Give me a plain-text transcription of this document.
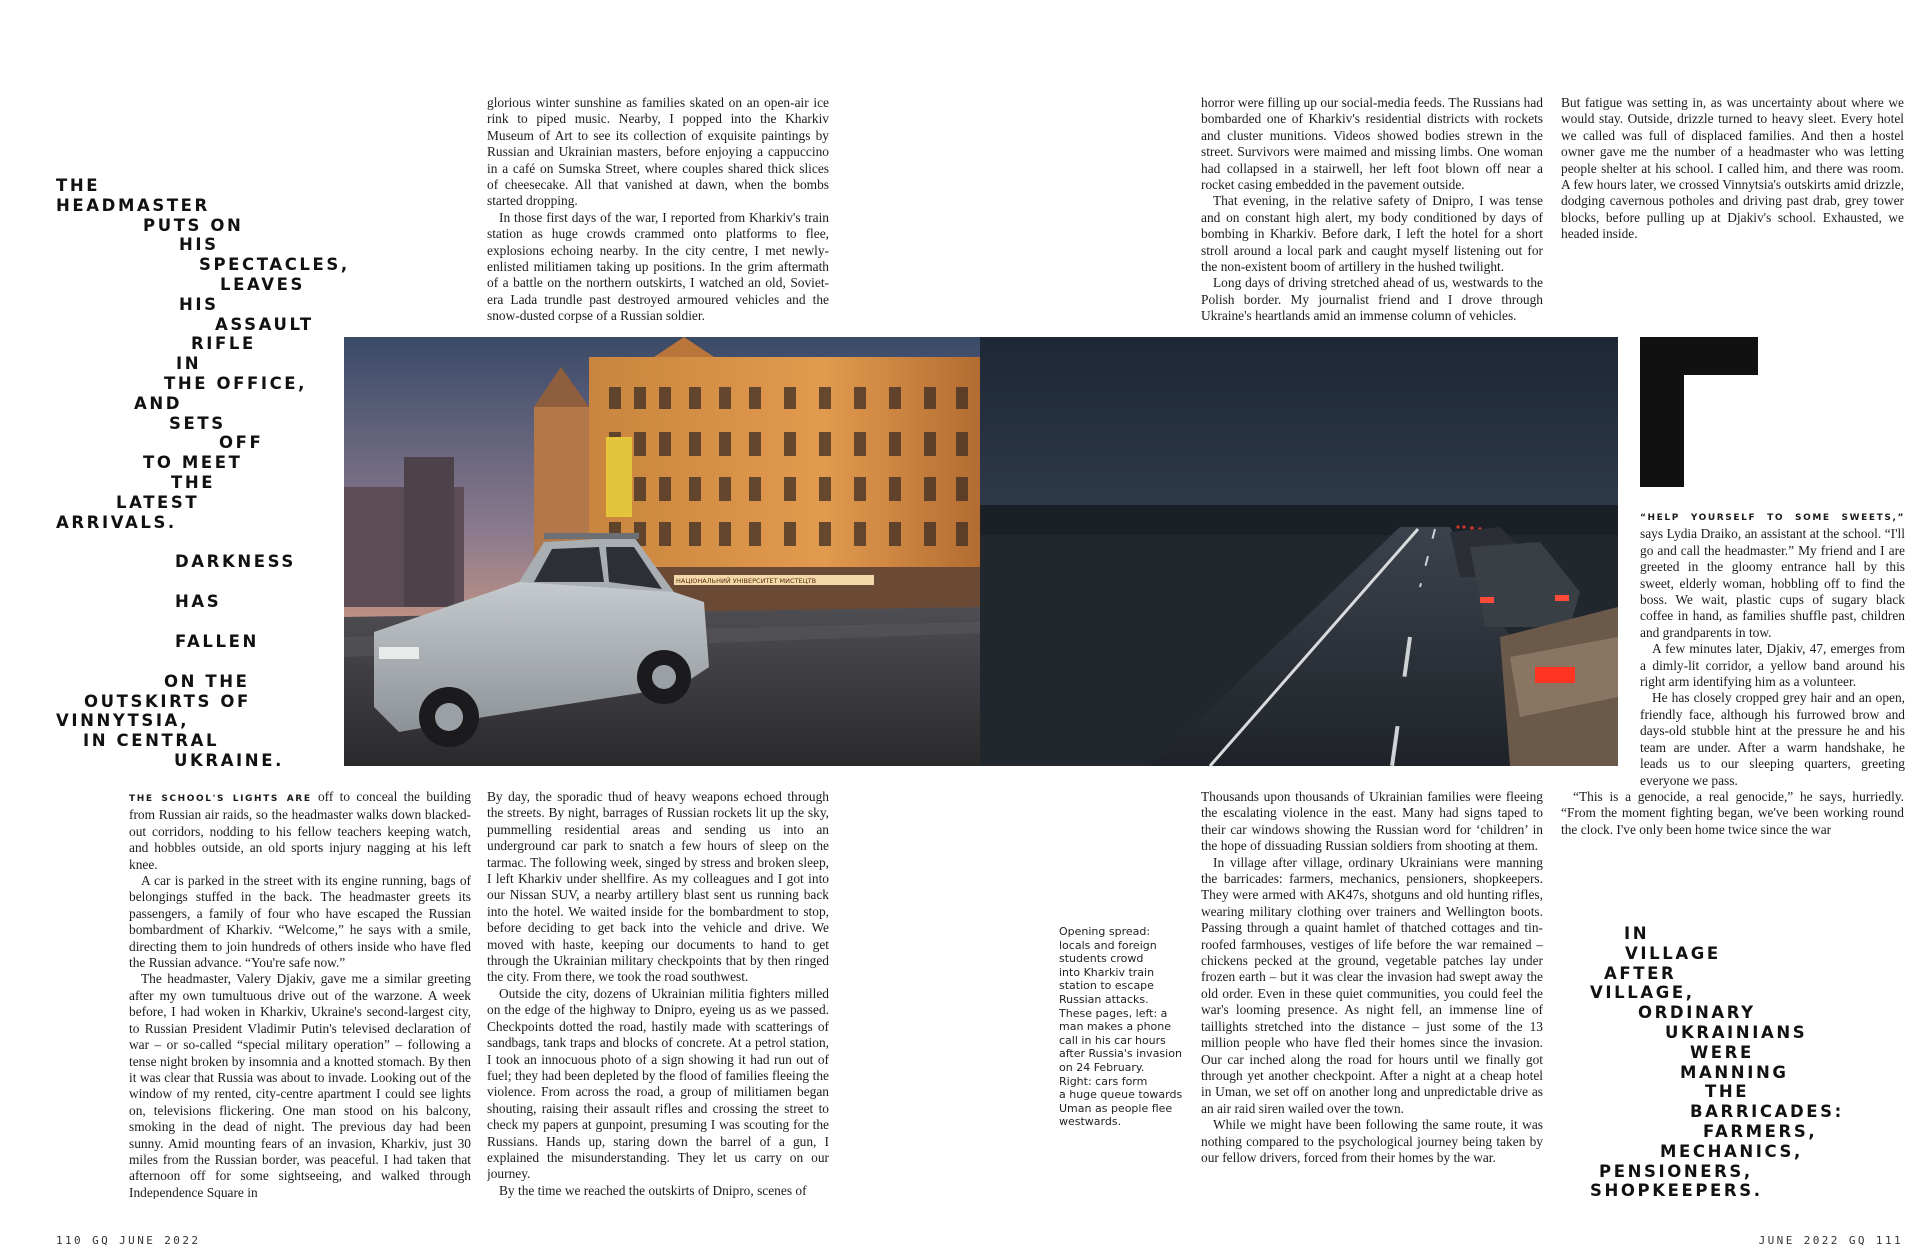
THE
HEADMASTER
PUTS ON
HIS
SPECTACLES,
LEAVES
HIS
ASSAULT
RIFLE
IN
THE OFFICE,
AND
SETS
OFF
TO MEET
THE
LATEST
ARRIVALS.
DARKNESS
HAS
FALLEN
ON THE
OUTSKIRTS OF
VINNYTSIA,
IN CENTRAL
UKRAINE.

glorious winter sunshine as families skated on an open-air ice rink to piped music. Nearby, I popped into the Kharkiv Museum of Art to see its collection of exquisite paintings by Russian and Ukrainian masters, before enjoying a cappuccino in a café on Sumska Street, where couples shared thick slices of cheesecake. All that vanished at dawn, when the bombs started dropping.

In those first days of the war, I reported from Kharkiv's train station as huge crowds crammed onto platforms to flee, explosions echoing nearby. In the city centre, I met newly-enlisted militiamen taking up positions. In the grim aftermath of a battle on the northern outskirts, I watched an old, Soviet-era Lada trundle past destroyed armoured vehicles and the snow-dusted corpse of a Russian soldier.

horror were filling up our social-media feeds. The Russians had bombarded one of Kharkiv's residential districts with rockets and cluster munitions. Videos showed bodies strewn in the street. Survivors were maimed and missing limbs. One woman had collapsed in a stairwell, her left foot blown off near a rocket casing embedded in the pavement outside.

That evening, in the relative safety of Dnipro, I was tense and on constant high alert, my body conditioned by days of bombing in Kharkiv. Before dark, I left the hotel for a short stroll around a local park and caught myself listening out for the non-existent boom of artillery in the hushed twilight.

Long days of driving stretched ahead of us, westwards to the Polish border. My journalist friend and I drove through Ukraine's heartlands amid an immense column of vehicles.

But fatigue was setting in, as was uncertainty about where we would stay. Outside, drizzle turned to heavy sleet. Every hotel we called was full of displaced families. And then a hostel owner gave me the number of a headmaster who was letting people shelter at his school. I called him, and there was room. A few hours later, we crossed Vinnytsia's outskirts amid drizzle, dodging cavernous potholes and driving past drab, grey tower blocks, before pulling up at Djakiv's school. Exhausted, we headed inside.

НАЦІОНАЛЬНИЙ УНІВЕРСИТЕТ МИСТЕЦТВ

“HELP YOURSELF TO SOME SWEETS,” says Lydia Draiko, an assistant at the school. “I'll go and call the headmaster.” My friend and I are greeted in the gloomy entrance hall by this sweet, elderly woman, hobbling off to find the boss. We wait, plastic cups of sugary black coffee in hand, as families shuffle past, children and grandparents in tow.

A few minutes later, Djakiv, 47, emerges from a dimly-lit corridor, a yellow band around his right arm identifying him as a volunteer.

He has closely cropped grey hair and an open, friendly face, although his furrowed brow and days-old stubble hint at the pressure he and his team are under. After a warm handshake, he leads us to our sleeping quarters, greeting everyone we pass.

THE SCHOOL'S LIGHTS ARE off to conceal the building from Russian air raids, so the headmaster walks down blacked-out corridors, nodding to his fellow teachers keeping watch, and hobbles outside, an old sports injury nagging at his left knee.

A car is parked in the street with its engine running, bags of belongings stuffed in the back. The headmaster greets its passengers, a family of four who have escaped the Russian bombardment of Kharkiv. “Welcome,” he says with a smile, directing them to join hundreds of others inside who have fled the Russian advance. “You're safe now.”

The headmaster, Valery Djakiv, gave me a similar greeting after my own tumultuous drive out of the warzone. A week before, I had woken in Kharkiv, Ukraine's second-largest city, to Russian President Vladimir Putin's televised declaration of war – or so-called “special military operation” – following a tense night broken by insomnia and a knotted stomach. By then it was clear that Russia was about to invade. Looking out of the window of my rented, city-centre apartment I could see lights on, televisions flickering. One man stood on his balcony, smoking in the dead of night. The previous day had been sunny. Amid mounting fears of an invasion, Kharkiv, just 30 miles from the Russian border, was peaceful. I had taken that afternoon off for some sightseeing, and walked through Independence Square in

By day, the sporadic thud of heavy weapons echoed through the streets. By night, barrages of Russian rockets lit up the sky, pummelling residential areas and sending us into an underground car park to snatch a few hours of sleep on the tarmac. The following week, singed by stress and broken sleep, I left Kharkiv under shellfire. As my colleagues and I got into our Nissan SUV, a nearby artillery blast sent us running back into the hotel. We waited inside for the bombardment to stop, before deciding to get back into the vehicle and drive. We moved with haste, keeping our documents to hand to get through the Ukrainian military checkpoints that by then ringed the city. From there, we took the road southwest.

Outside the city, dozens of Ukrainian militia fighters milled on the edge of the highway to Dnipro, eyeing us as we passed. Checkpoints dotted the road, hastily made with scatterings of sandbags, tank traps and blocks of concrete. At a petrol station, I took an innocuous photo of a sign showing it had run out of fuel; they had been depleted by the flood of families fleeing the violence. From across the road, a group of militiamen began shouting, raising their assault rifles and crossing the street to check my papers at gunpoint, presuming I was scouting for the Russians. Hands up, staring down the barrel of a gun, I explained the misunderstanding. They let us carry on our journey.

By the time we reached the outskirts of Dnipro, scenes of

Thousands upon thousands of Ukrainian families were fleeing the escalating violence in the east. Many had signs taped to their car windows showing the Russian word for ‘children’ in the hope of dissuading Russian soldiers from shooting at them.

In village after village, ordinary Ukrainians were manning the barricades: farmers, mechanics, pensioners, shopkeepers. They were armed with AK47s, shotguns and old hunting rifles, wearing military clothing over trainers and Wellington boots. Passing through a quaint hamlet of thatched cottages and tin-roofed farmhouses, vestiges of life before the war remained – chickens pecked at the ground, vegetable patches lay under frozen earth – but it was clear the invasion had swept away the old order. Even in these quiet communities, you could feel the war's looming presence. As night fell, an immense line of taillights stretched into the distance – just some of the 13 million people who have fled their homes since the invasion. Our car inched along the road for hours until we finally got through yet another checkpoint. After a night at a cheap hotel in Uman, we set off on another long and unpredictable drive as an air raid siren wailed over the town.

While we might have been following the same route, it was nothing compared to the psychological journey being taken by our fellow drivers, forced from their homes by the war.

“This is a genocide, a real genocide,” he says, hurriedly. “From the moment fighting began, we've been working round the clock. I've only been home twice since the war

Opening spread:
locals and foreign
students crowd
into Kharkiv train
station to escape
Russian attacks.
These pages, left: a
man makes a phone
call in his car hours
after Russia's invasion
on 24 February.
Right: cars form
a huge queue towards
Uman as people flee
westwards.
IN
VILLAGE
AFTER
VILLAGE,
ORDINARY
UKRAINIANS
WERE
MANNING
THE
BARRICADES:
FARMERS,
MECHANICS,
PENSIONERS,
SHOPKEEPERS.
110 GQ JUNE 2022	JUNE 2022 GQ 111
